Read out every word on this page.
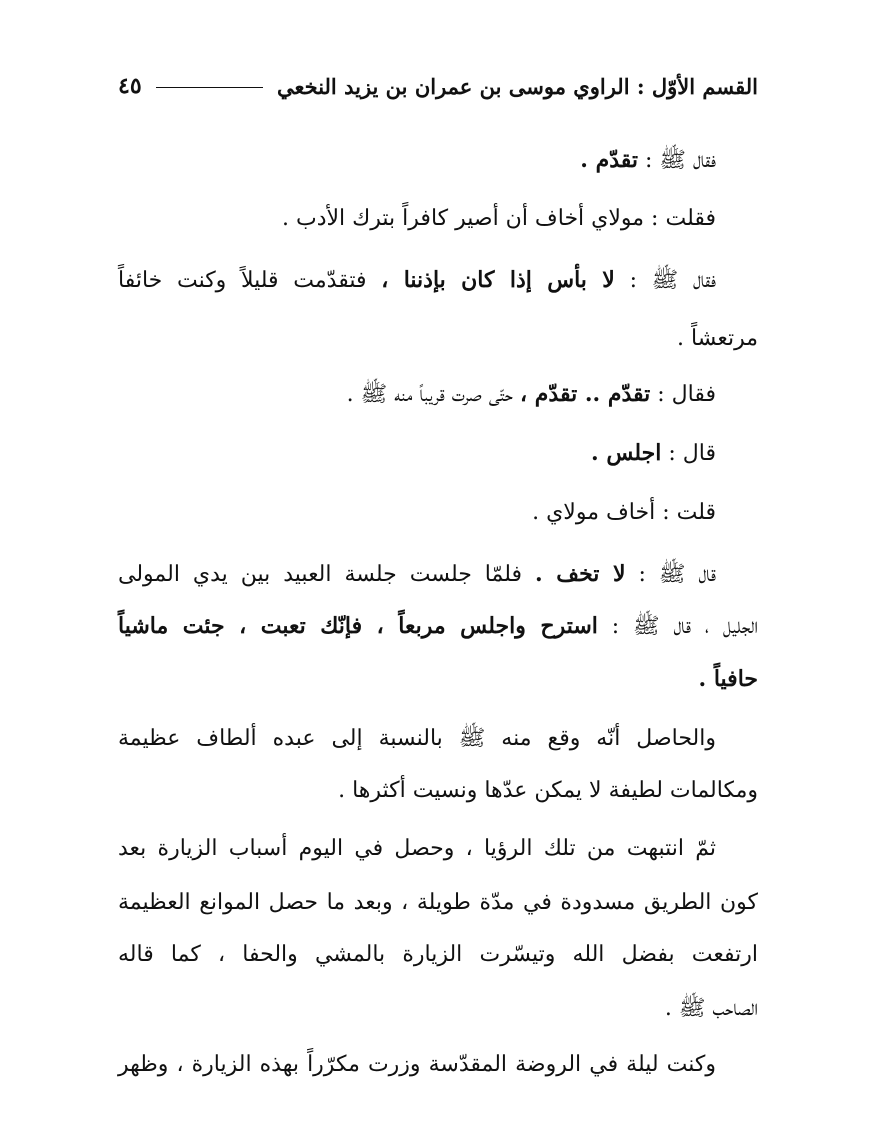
القسم الأوّل : الراوي موسى بن عمران بن يزيد النخعي
٤٥
فقال ﷺ : تقدّم .
فقلت : مولاي أخاف أن أصير كافراً بترك الأدب .
فقال ﷺ : لا بأس إذا كان بإذننا ، فتقدّمت قليلاً وكنت خائفاً
مرتعشاً .
فقال : تقدّم .. تقدّم ، حتّى صرت قريباً منه ﷺ .
قال : اجلس .
قلت : أخاف مولاي .
قال ﷺ : لا تخف . فلمّا جلست جلسة العبيد بين يدي المولى
الجليل ، قال ﷺ : استرح واجلس مربعاً ، فإنّك تعبت ، جئت ماشياً
حافياً .
والحاصل أنّه وقع منه ﷺ بالنسبة إلى عبده ألطاف عظيمة
ومكالمات لطيفة لا يمكن عدّها ونسيت أكثرها .
ثمّ انتبهت من تلك الرؤيا ، وحصل في اليوم أسباب الزيارة بعد
كون الطريق مسدودة في مدّة طويلة ، وبعد ما حصل الموانع العظيمة
ارتفعت بفضل الله وتيسّرت الزيارة بالمشي والحفا ، كما قاله
الصاحب ﷺ .
وكنت ليلة في الروضة المقدّسة وزرت مكرّراً بهذه الزيارة ، وظهر
